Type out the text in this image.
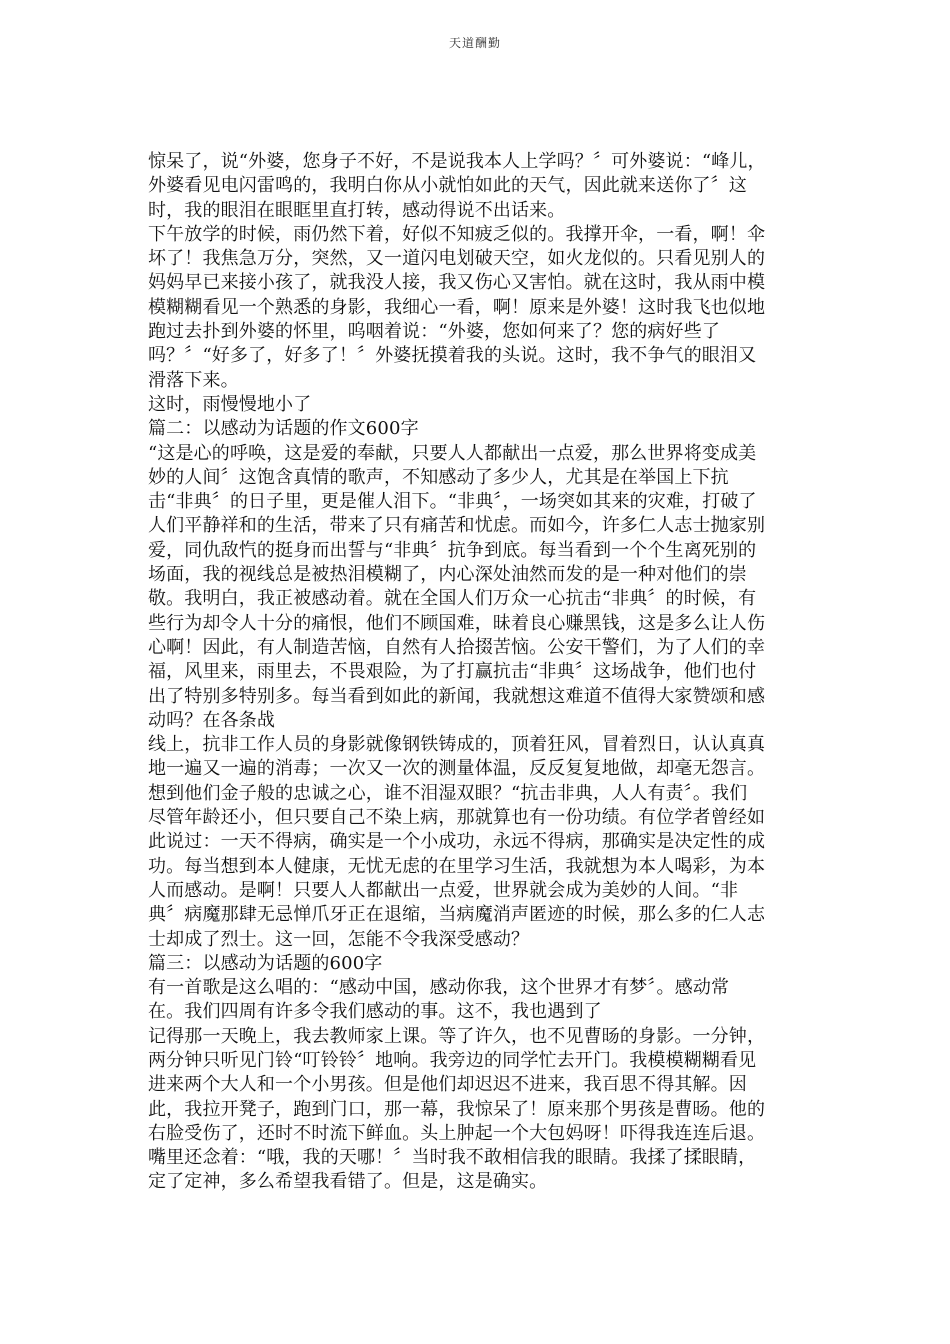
天道酬勤
惊呆了，说“外婆，您身子不好，不是说我本人上学吗？〞可外婆说：“峰儿，
外婆看见电闪雷鸣的，我明白你从小就怕如此的天气，因此就来送你了〞这
时，我的眼泪在眼眶里直打转，感动得说不出话来。
下午放学的时候，雨仍然下着，好似不知疲乏似的。我撑开伞，一看，啊！伞
坏了！我焦急万分，突然，又一道闪电划破天空，如火龙似的。只看见别人的
妈妈早已来接小孩了，就我没人接，我又伤心又害怕。就在这时，我从雨中模
模糊糊看见一个熟悉的身影，我细心一看，啊！原来是外婆！这时我飞也似地
跑过去扑到外婆的怀里，呜咽着说：“外婆，您如何来了？您的病好些了
吗？〞“好多了，好多了！〞外婆抚摸着我的头说。这时，我不争气的眼泪又
滑落下来。
这时，雨慢慢地小了
篇二：以感动为话题的作文600字
“这是心的呼唤，这是爱的奉献，只要人人都献出一点爱，那么世界将变成美
妙的人间〞这饱含真情的歌声，不知感动了多少人，尤其是在举国上下抗
击“非典〞的日子里，更是催人泪下。“非典〞，一场突如其来的灾难，打破了
人们平静祥和的生活，带来了只有痛苦和忧虑。而如今，许多仁人志士抛家别
爱，同仇敌忾的挺身而出誓与“非典〞抗争到底。每当看到一个个生离死别的
场面，我的视线总是被热泪模糊了，内心深处油然而发的是一种对他们的崇
敬。我明白，我正被感动着。就在全国人们万众一心抗击“非典〞的时候，有
些行为却令人十分的痛恨，他们不顾国难，昧着良心赚黑钱，这是多么让人伤
心啊！因此，有人制造苦恼，自然有人拾掇苦恼。公安干警们，为了人们的幸
福，风里来，雨里去，不畏艰险，为了打赢抗击“非典〞这场战争，他们也付
出了特别多特别多。每当看到如此的新闻，我就想这难道不值得大家赞颂和感
动吗？在各条战
线上，抗非工作人员的身影就像钢铁铸成的，顶着狂风，冒着烈日，认认真真
地一遍又一遍的消毒；一次又一次的测量体温，反反复复地做，却毫无怨言。
想到他们金子般的忠诚之心，谁不泪湿双眼？“抗击非典，人人有责〞。我们
尽管年龄还小，但只要自己不染上病，那就算也有一份功绩。有位学者曾经如
此说过：一天不得病，确实是一个小成功，永远不得病，那确实是决定性的成
功。每当想到本人健康，无忧无虑的在里学习生活，我就想为本人喝彩，为本
人而感动。是啊！只要人人都献出一点爱，世界就会成为美妙的人间。“非
典〞病魔那肆无忌惮爪牙正在退缩，当病魔消声匿迹的时候，那么多的仁人志
士却成了烈士。这一回，怎能不令我深受感动？
篇三：以感动为话题的600字
有一首歌是这么唱的：“感动中国，感动你我，这个世界才有梦〞。感动常
在。我们四周有许多令我们感动的事。这不，我也遇到了
记得那一天晚上，我去教师家上课。等了许久，也不见曹旸的身影。一分钟，
两分钟只听见门铃“叮铃铃〞地响。我旁边的同学忙去开门。我模模糊糊看见
进来两个大人和一个小男孩。但是他们却迟迟不进来，我百思不得其解。因
此，我拉开凳子，跑到门口，那一幕，我惊呆了！原来那个男孩是曹旸。他的
右脸受伤了，还时不时流下鲜血。头上肿起一个大包妈呀！吓得我连连后退。
嘴里还念着：“哦，我的天哪！〞当时我不敢相信我的眼睛。我揉了揉眼睛，
定了定神，多么希望我看错了。但是，这是确实。
